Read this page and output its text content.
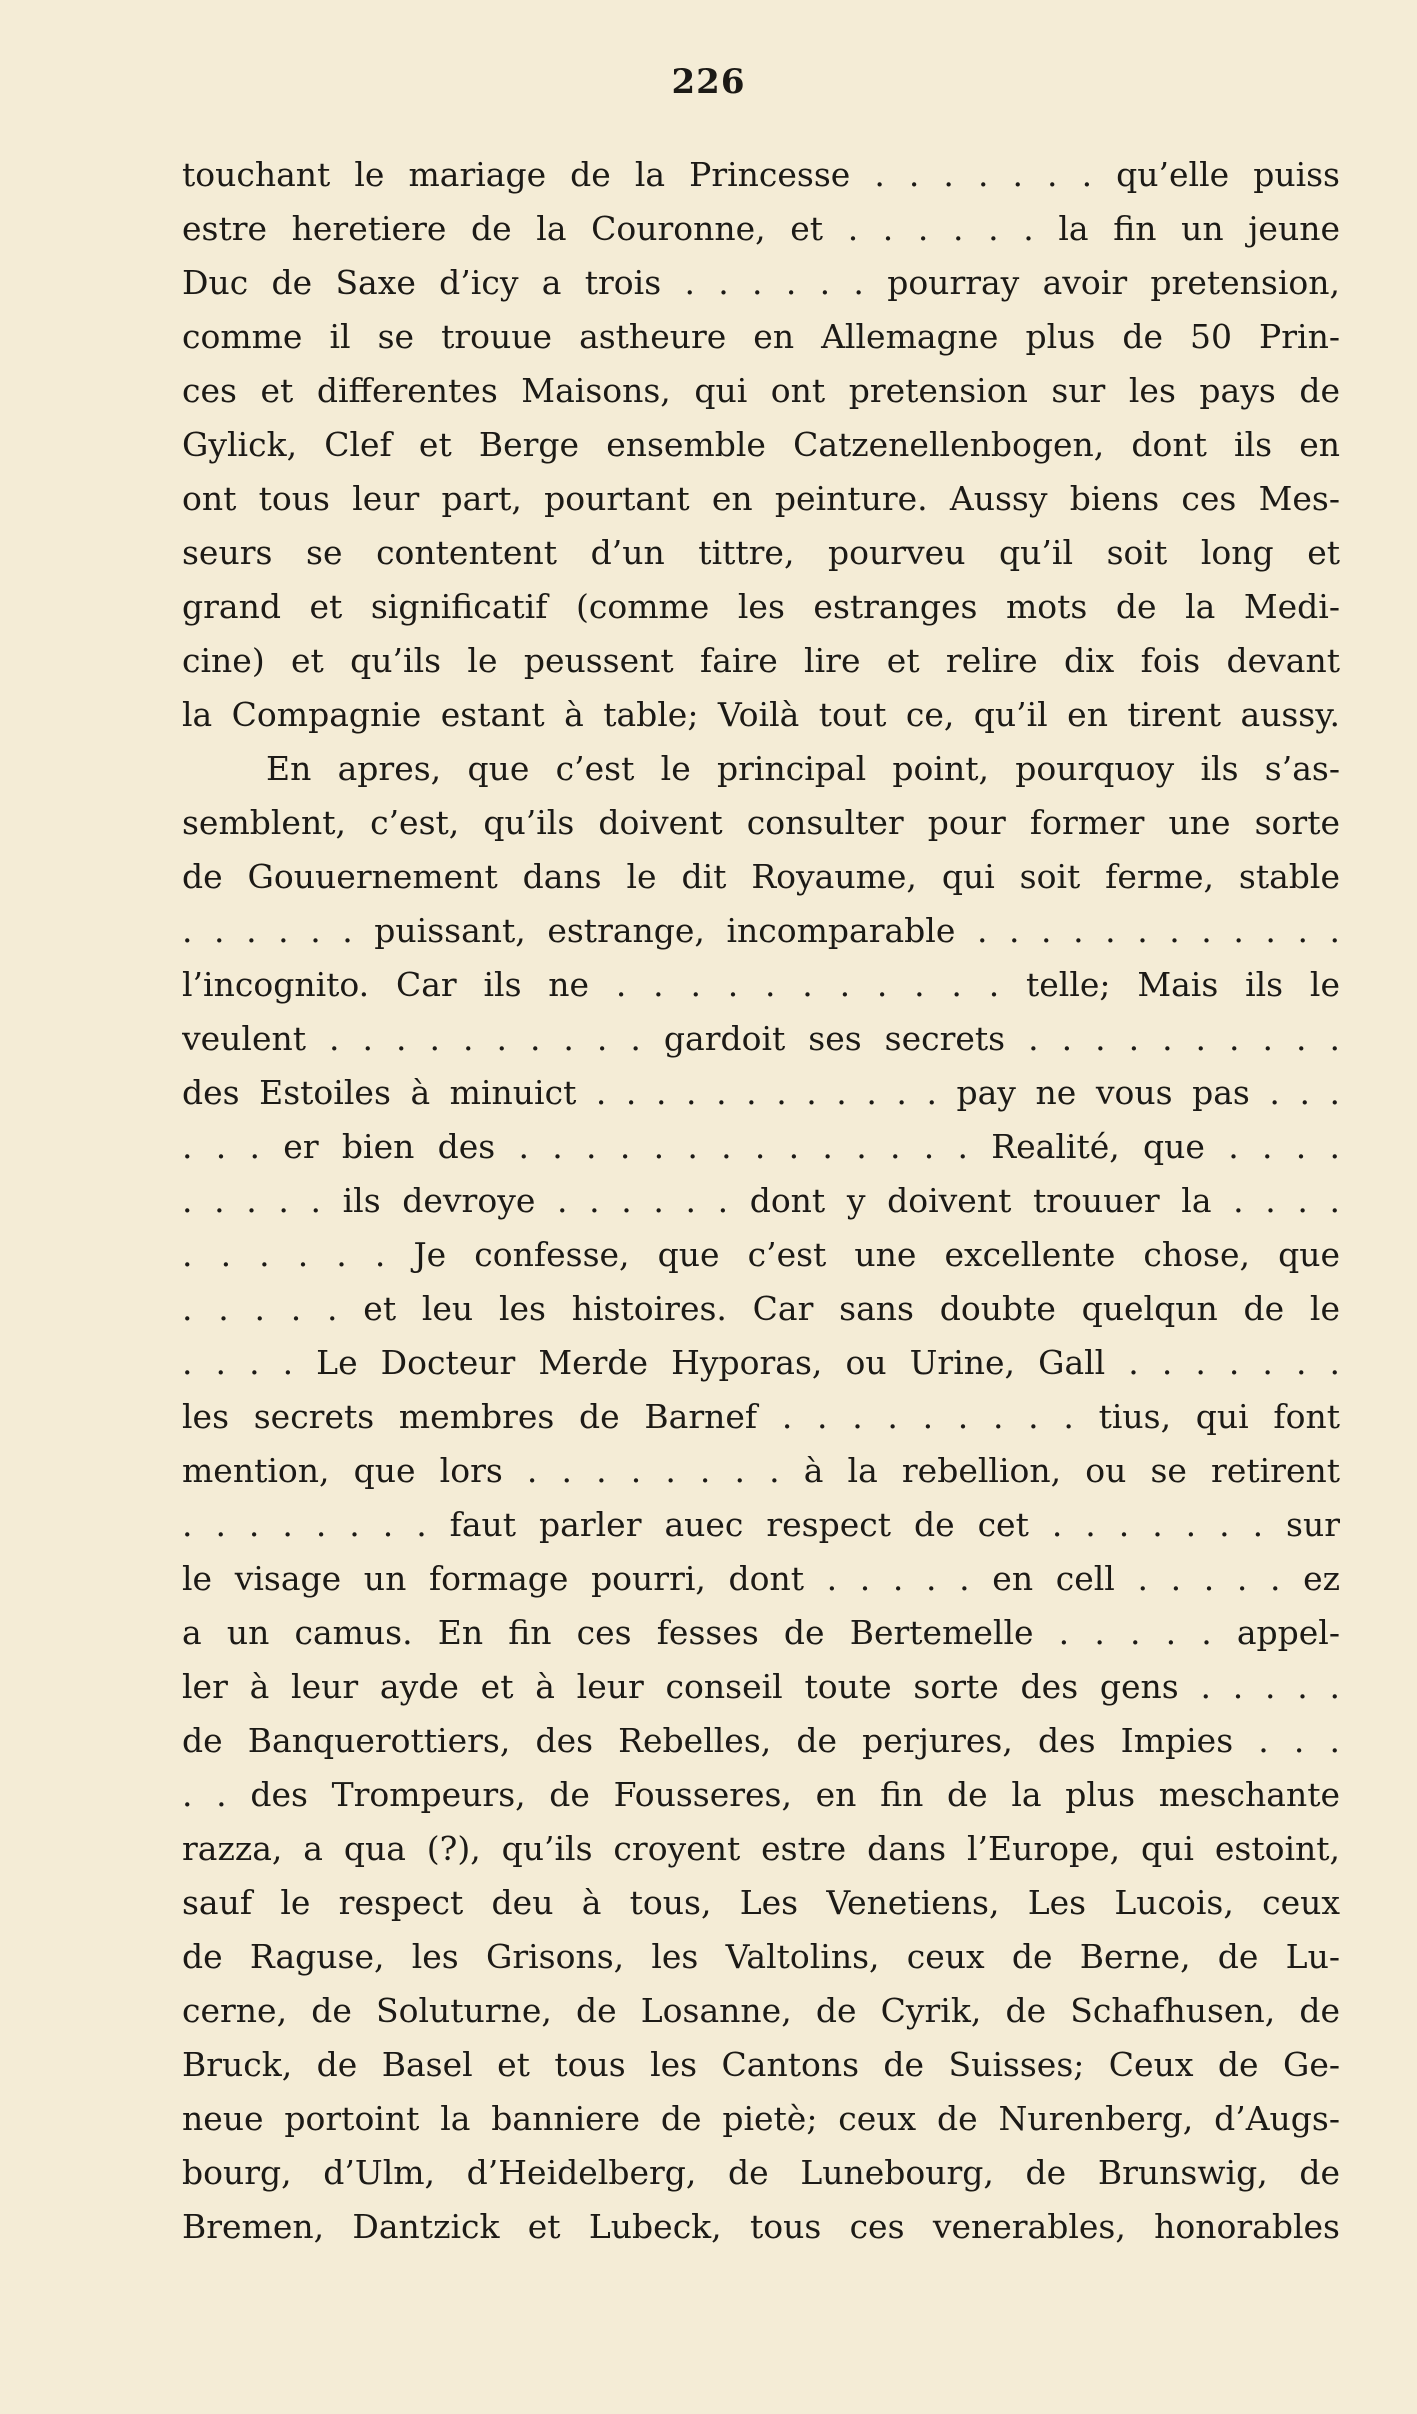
226
touchant le mariage de la Princesse . . . . . . . qu’elle puiss
estre heretiere de la Couronne, et . . . . . . la fin un jeune
Duc de Saxe d’icy a trois . . . . . . pourray avoir pretension,
comme il se trouue astheure en Allemagne plus de 50 Prin-
ces et differentes Maisons, qui ont pretension sur les pays de
Gylick, Clef et Berge ensemble Catzenellenbogen, dont ils en
ont tous leur part, pourtant en peinture. Aussy biens ces Mes-
seurs se contentent d’un tittre, pourveu qu’il soit long et
grand et significatif (comme les estranges mots de la Medi-
cine) et qu’ils le peussent faire lire et relire dix fois devant
la Compagnie estant à table; Voilà tout ce, qu’il en tirent aussy.
En apres, que c’est le principal point, pourquoy ils s’as-
semblent, c’est, qu’ils doivent consulter pour former une sorte
de Gouuernement dans le dit Royaume, qui soit ferme, stable
. . . . . . puissant, estrange, incomparable . . . . . . . . . . . .
l’incognito. Car ils ne . . . . . . . . . . . telle; Mais ils le
veulent . . . . . . . . . . gardoit ses secrets . . . . . . . . . .
des Estoiles à minuict . . . . . . . . . . . . pay ne vous pas . . .
. . . er bien des . . . . . . . . . . . . . . Realité, que . . . .
. . . . . ils devroye . . . . . . dont y doivent trouuer la . . . .
. . . . . . Je confesse, que c’est une excellente chose, que
. . . . . et leu les histoires. Car sans doubte quelqun de le
. . . . Le Docteur Merde Hyporas, ou Urine, Gall . . . . . . .
les secrets membres de Barnef . . . . . . . . . tius, qui font
mention, que lors . . . . . . . . à la rebellion, ou se retirent
. . . . . . . . faut parler auec respect de cet . . . . . . . sur
le visage un formage pourri, dont . . . . . en cell . . . . . ez
a un camus. En fin ces fesses de Bertemelle . . . . . appel-
ler à leur ayde et à leur conseil toute sorte des gens . . . . .
de Banquerottiers, des Rebelles, de perjures, des Impies . . .
. . des Trompeurs, de Fousseres, en fin de la plus meschante
razza, a qua (?), qu’ils croyent estre dans l’Europe, qui estoint,
sauf le respect deu à tous, Les Venetiens, Les Lucois, ceux
de Raguse, les Grisons, les Valtolins, ceux de Berne, de Lu-
cerne, de Soluturne, de Losanne, de Cyrik, de Schafhusen, de
Bruck, de Basel et tous les Cantons de Suisses; Ceux de Ge-
neue portoint la banniere de pietè; ceux de Nurenberg, d’Augs-
bourg, d’Ulm, d’Heidelberg, de Lunebourg, de Brunswig, de
Bremen, Dantzick et Lubeck, tous ces venerables, honorables
